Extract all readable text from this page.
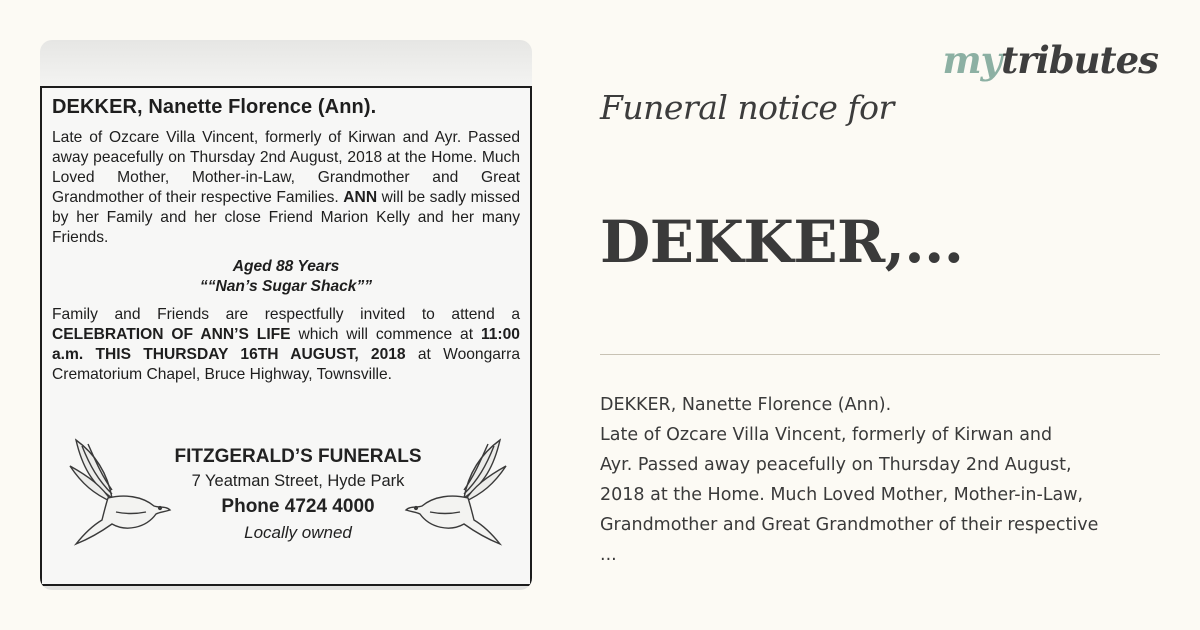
DEKKER, Nanette Florence (Ann).
Late of Ozcare Villa Vincent, formerly of Kirwan and Ayr. Passed away peacefully on Thursday 2nd August, 2018 at the Home. Much Loved Mother, Mother-in-Law, Grandmother and Great Grandmother of their respective Families. ANN will be sadly missed by her Family and her close Friend Marion Kelly and her many Friends.
Aged 88 Years
““Nan’s Sugar Shack””
Family and Friends are respectfully invited to attend a CELEBRATION OF ANN’S LIFE which will commence at 11:00 a.m. THIS THURSDAY 16TH AUGUST, 2018 at Woongarra Crematorium Chapel, Bruce Highway, Townsville.
FITZGERALD’S FUNERALS
7 Yeatman Street, Hyde Park
Phone 4724 4000
Locally owned
mytributes
Funeral notice for
DEKKER,...
DEKKER, Nanette Florence (Ann).
Late of Ozcare Villa Vincent, formerly of Kirwan and
Ayr. Passed away peacefully on Thursday 2nd August,
2018 at the Home. Much Loved Mother, Mother-in-Law,
Grandmother and Great Grandmother of their respective
...
